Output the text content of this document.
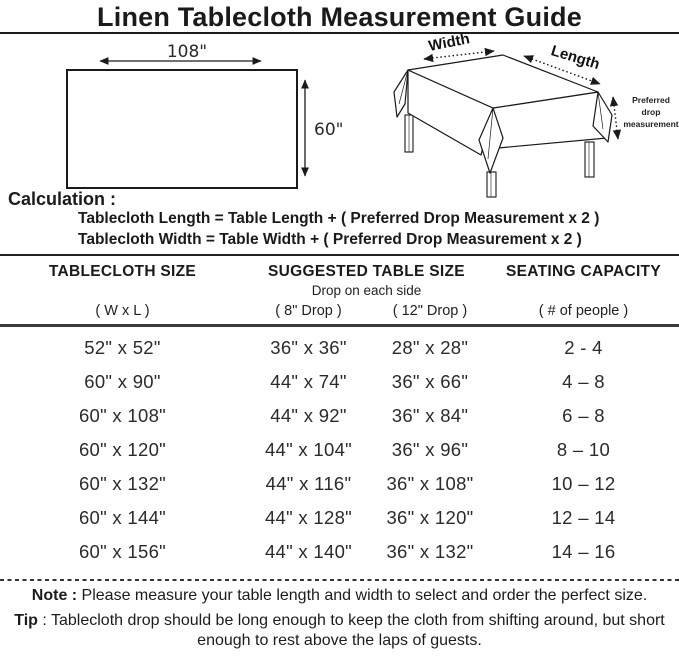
Linen Tablecloth Measurement Guide
108"
60"
Width	Length
Preferred
drop
measurement
Calculation :
Tablecloth Length = Table Length + ( Preferred Drop Measurement x 2 )
Tablecloth Width = Table Width + ( Preferred Drop Measurement x 2 )
TABLECLOTH SIZE	SUGGESTED TABLE SIZE	SEATING CAPACITY
Drop on each side
( W x L )	( 8" Drop )	( 12" Drop )	( # of people )
52" x 52"	36" x 36"	28" x 28"	2 - 4
60" x 90"	44" x 74"	36" x 66"	4 – 8
60" x 108"	44" x 92"	36" x 84"	6 – 8
60" x 120"	44" x 104"	36" x 96"	8 – 10
60" x 132"	44" x 116"	36" x 108"	10 – 12
60" x 144"	44" x 128"	36" x 120"	12 – 14
60" x 156"	44" x 140"	36" x 132"	14 – 16

Note : Please measure your table length and width to select and order the perfect size.

Tip : Tablecloth drop should be long enough to keep the cloth from shifting around, but short enough to rest above the laps of guests.
